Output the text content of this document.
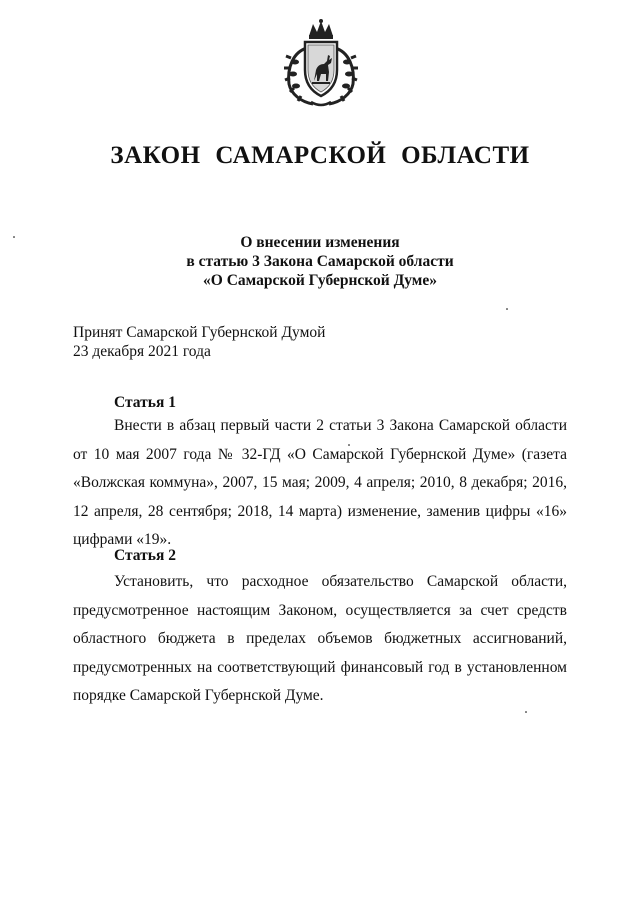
ЗАКОН САМАРСКОЙ ОБЛАСТИ
О внесении изменения
в статью 3 Закона Самарской области
«О Самарской Губернской Думе»
Принят Самарской Губернской Думой
23 декабря 2021 года
Статья 1
Внести в абзац первый части 2 статьи 3 Закона Самарской области
от 10 мая 2007 года № 32-ГД «О Самарской Губернской Думе» (газета
«Волжская коммуна», 2007, 15 мая; 2009, 4 апреля; 2010, 8 декабря; 2016,
12 апреля, 28 сентября; 2018, 14 марта) изменение, заменив цифры «16»
цифрами «19».
Статья 2
Установить, что расходное обязательство Самарской области,
предусмотренное настоящим Законом, осуществляется за счет средств
областного бюджета в пределах объемов бюджетных ассигнований,
предусмотренных на соответствующий финансовый год в установленном
порядке Самарской Губернской Думе.
